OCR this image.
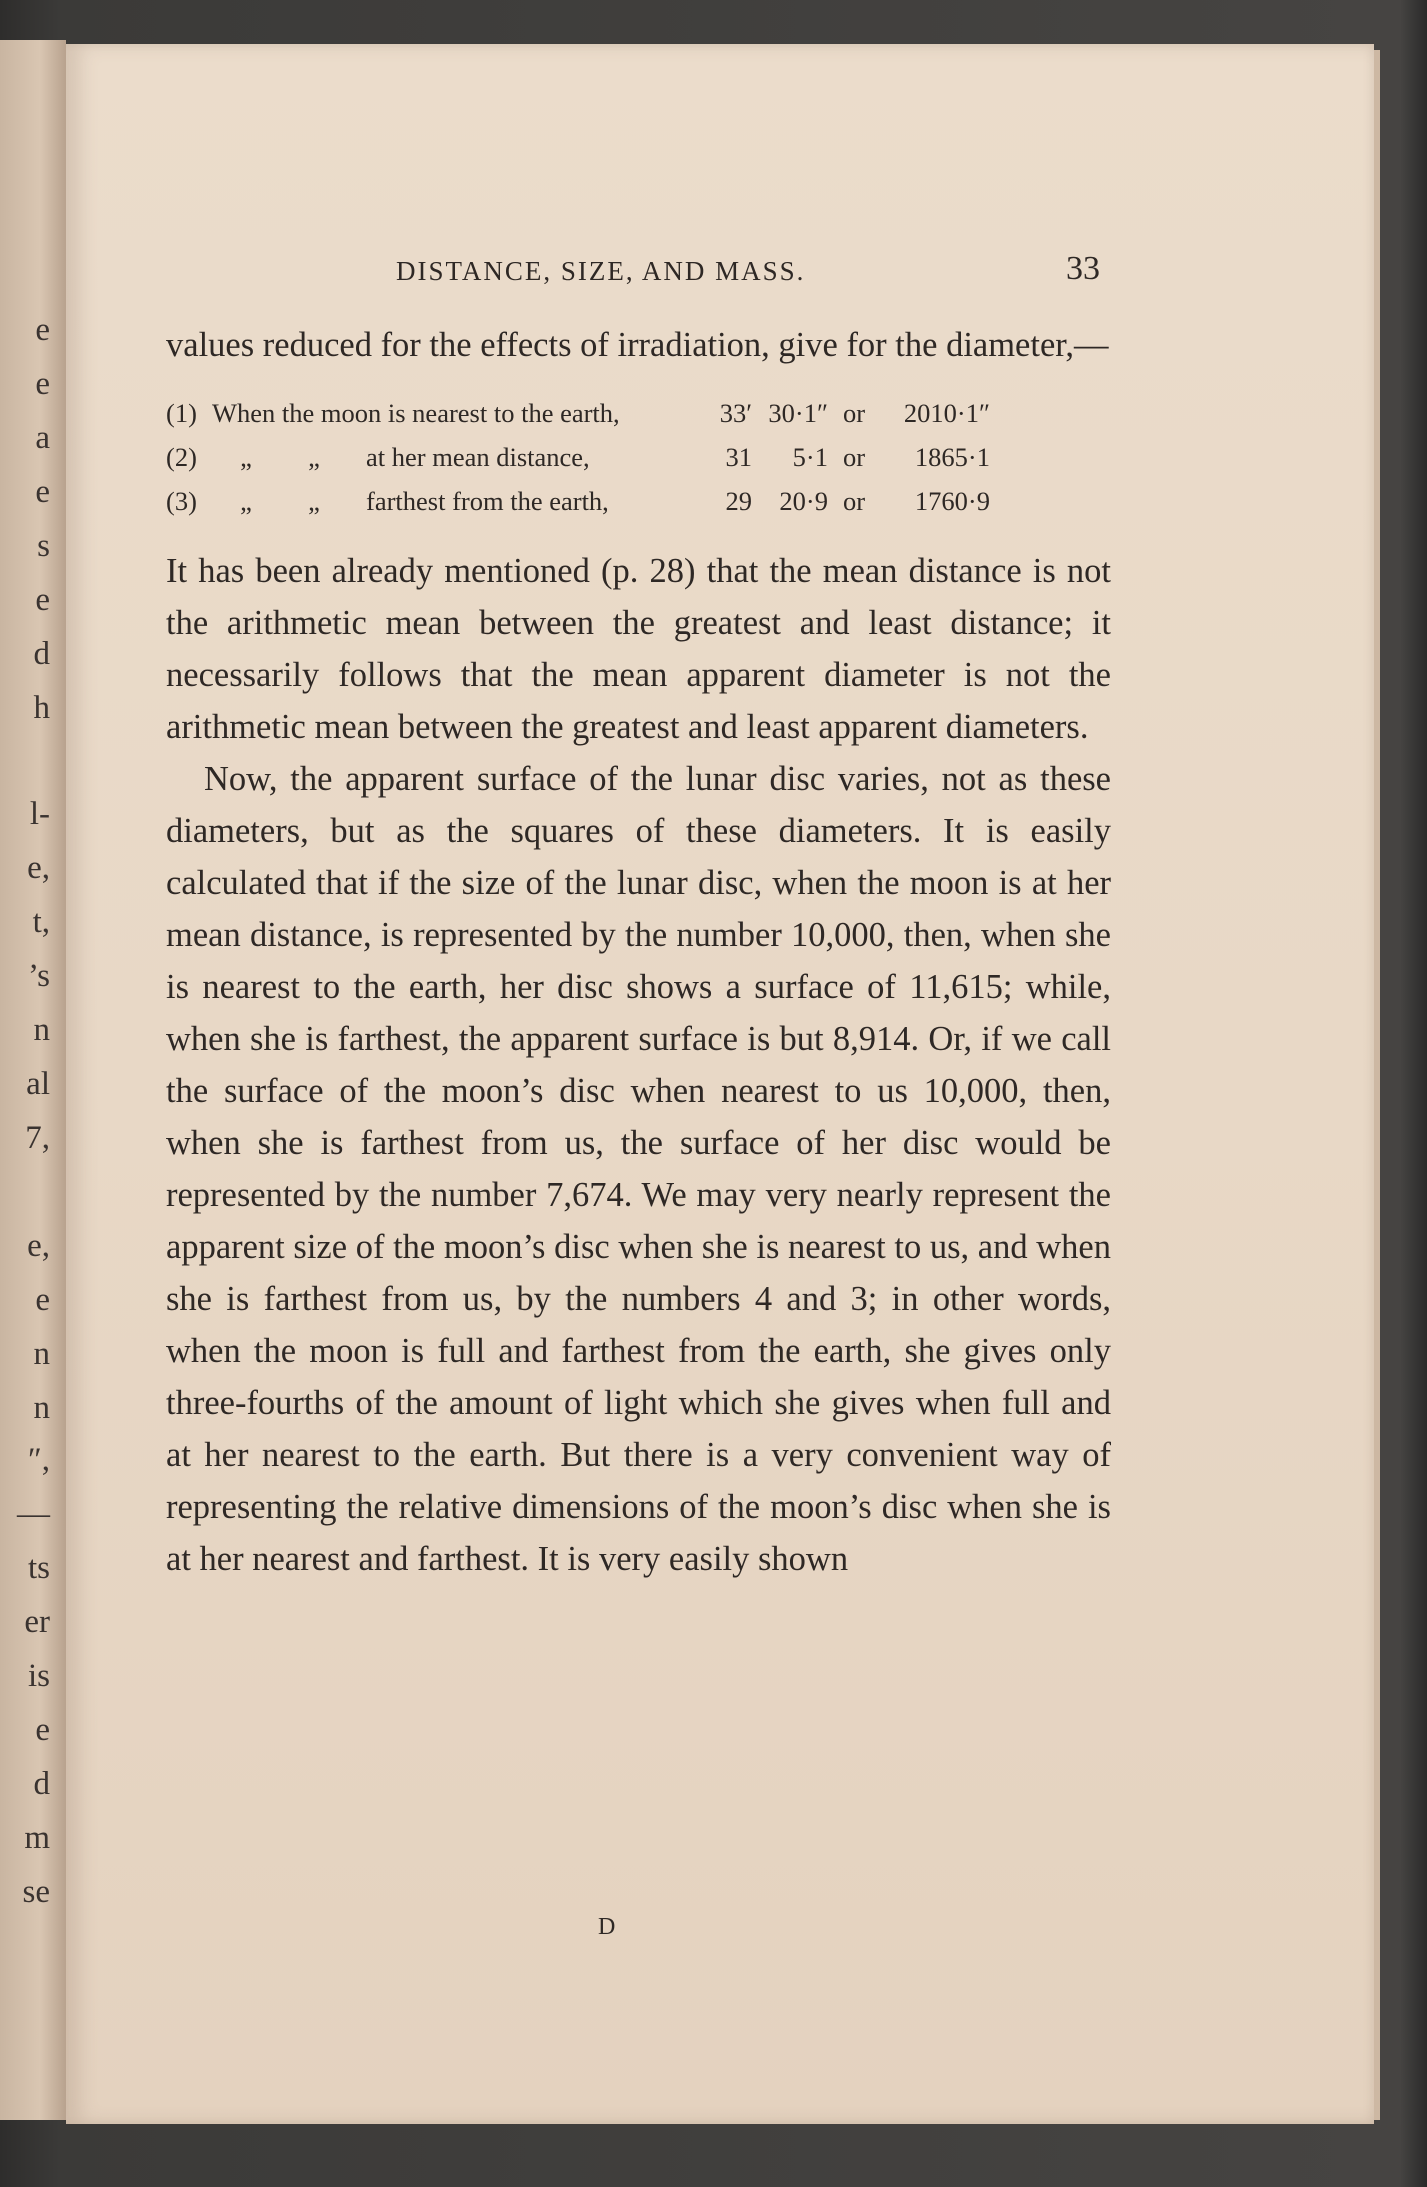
e
e
a
e
s
e
d
h
l-
e,
t,
’s
n
al
7,
e,
e
n
n
″,
—
ts
er
is
e
d
m
se
DISTANCE, SIZE, AND MASS.	33

values reduced for the effects of irradiation, give for the diameter,—

(1) When the moon is nearest to the earth,	33′ 30·1″ or	2010·1″
(2)	„	„	at her mean distance,	31	5·1 or	1865·1
(3)	„	„	farthest from the earth,	29	20·9 or	1760·9

It has been already mentioned (p. 28) that the mean distance is not the arithmetic mean between the greatest and least distance; it necessarily follows that the mean apparent diameter is not the arithmetic mean between the greatest and least apparent diameters.

Now, the apparent surface of the lunar disc varies, not as these diameters, but as the squares of these diameters. It is easily calculated that if the size of the lunar disc, when the moon is at her mean distance, is represented by the number 10,000, then, when she is nearest to the earth, her disc shows a surface of 11,615; while, when she is farthest, the apparent surface is but 8,914. Or, if we call the surface of the moon’s disc when nearest to us 10,000, then, when she is farthest from us, the surface of her disc would be represented by the number 7,674. We may very nearly represent the apparent size of the moon’s disc when she is nearest to us, and when she is farthest from us, by the numbers 4 and 3; in other words, when the moon is full and farthest from the earth, she gives only three-fourths of the amount of light which she gives when full and at her nearest to the earth. But there is a very convenient way of representing the relative dimensions of the moon’s disc when she is at her nearest and farthest. It is very easily shown

D
